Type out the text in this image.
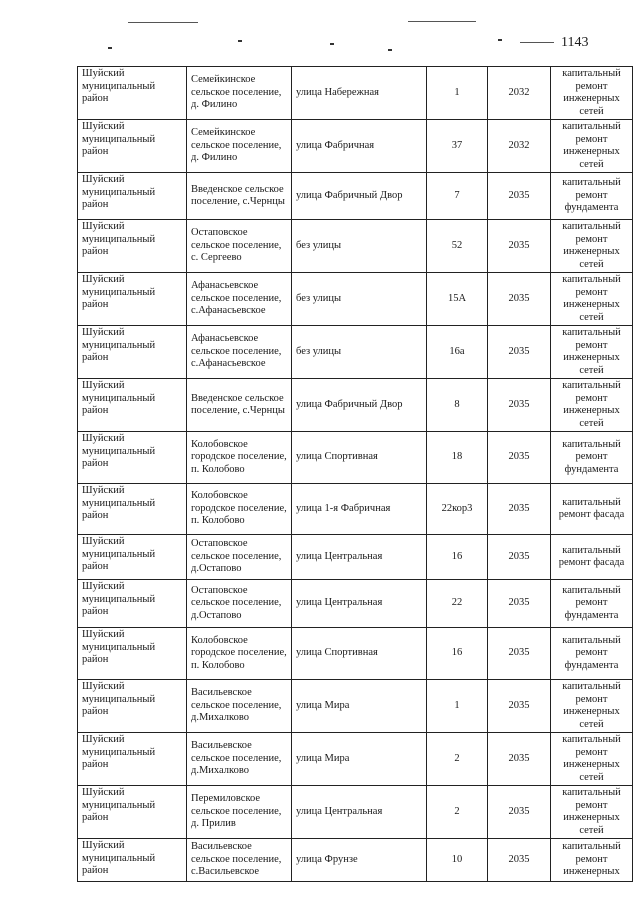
1143
Шуйский муниципальный район	Семейкинское сельское поселение, д. Филино	улица Набережная	1	2032	капитальный ремонт инженерных сетей
Шуйский муниципальный район	Семейкинское сельское поселение, д. Филино	улица Фабричная	37	2032	капитальный ремонт инженерных сетей
Шуйский муниципальный район	Введенское сельское поселение, с.Чернцы	улица Фабричный Двор	7	2035	капитальный ремонт фундамента
Шуйский муниципальный район	Остаповское сельское поселение, с. Сергеево	без улицы	52	2035	капитальный ремонт инженерных сетей
Шуйский муниципальный район	Афанасьевское сельское поселение, с.Афанасьевское	без улицы	15А	2035	капитальный ремонт инженерных сетей
Шуйский муниципальный район	Афанасьевское сельское поселение, с.Афанасьевское	без улицы	16а	2035	капитальный ремонт инженерных сетей
Шуйский муниципальный район	Введенское сельское поселение, с.Чернцы	улица Фабричный Двор	8	2035	капитальный ремонт инженерных сетей
Шуйский муниципальный район	Колобовское городское поселение, п. Колобово	улица Спортивная	18	2035	капитальный ремонт фундамента
Шуйский муниципальный район	Колобовское городское поселение, п. Колобово	улица 1-я Фабричная	22кор3	2035	капитальный ремонт фасада
Шуйский муниципальный район	Остаповское сельское поселение, д.Остапово	улица Центральная	16	2035	капитальный ремонт фасада
Шуйский муниципальный район	Остаповское сельское поселение, д.Остапово	улица Центральная	22	2035	капитальный ремонт фундамента
Шуйский муниципальный район	Колобовское городское поселение, п. Колобово	улица Спортивная	16	2035	капитальный ремонт фундамента
Шуйский муниципальный район	Васильевское сельское поселение, д.Михалково	улица Мира	1	2035	капитальный ремонт инженерных сетей
Шуйский муниципальный район	Васильевское сельское поселение, д.Михалково	улица Мира	2	2035	капитальный ремонт инженерных сетей
Шуйский муниципальный район	Перемиловское сельское поселение, д. Прилив	улица Центральная	2	2035	капитальный ремонт инженерных сетей
Шуйский муниципальный район	Васильевское сельское поселение, с.Васильевское	улица Фрунзе	10	2035	капитальный ремонт инженерных
